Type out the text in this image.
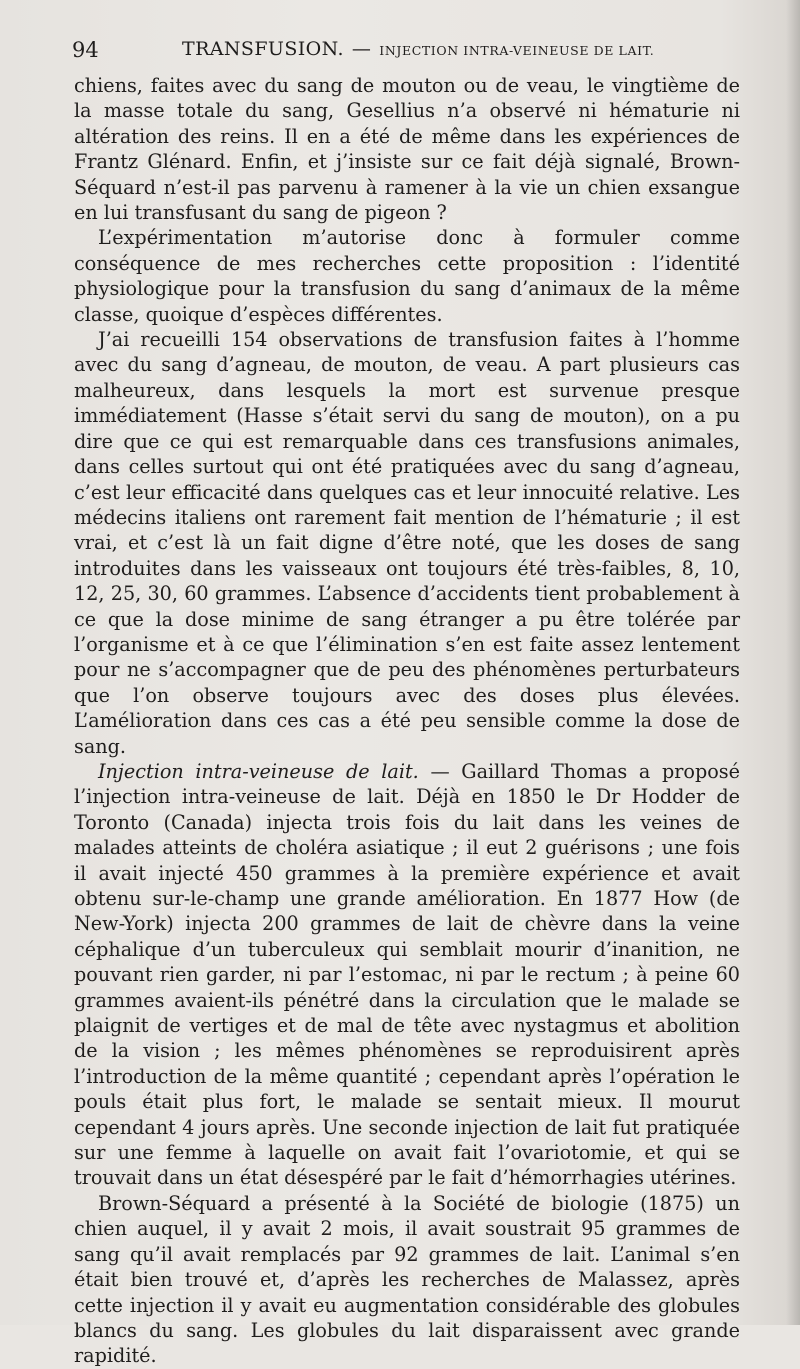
94	TRANSFUSION. — INJECTION INTRA-VEINEUSE DE LAIT.

chiens, faites avec du sang de mouton ou de veau, le vingtième de la masse totale du sang, Gesellius n’a observé ni hématurie ni altération des reins. Il en a été de même dans les expériences de Frantz Glénard. Enfin, et j’insiste sur ce fait déjà signalé, Brown-Séquard n’est-il pas parvenu à ramener à la vie un chien exsangue en lui transfusant du sang de pigeon ?

L’expérimentation m’autorise donc à formuler comme conséquence de mes recherches cette proposition : l’identité physiologique pour la transfusion du sang d’animaux de la même classe, quoique d’espèces différentes.

J’ai recueilli 154 observations de transfusion faites à l’homme avec du sang d’agneau, de mouton, de veau. A part plusieurs cas malheureux, dans lesquels la mort est survenue presque immédiatement (Hasse s’était servi du sang de mouton), on a pu dire que ce qui est remarquable dans ces transfusions animales, dans celles surtout qui ont été pratiquées avec du sang d’agneau, c’est leur efficacité dans quelques cas et leur innocuité relative. Les médecins italiens ont rarement fait mention de l’hématurie ; il est vrai, et c’est là un fait digne d’être noté, que les doses de sang introduites dans les vaisseaux ont toujours été très-faibles, 8, 10, 12, 25, 30, 60 grammes. L’absence d’accidents tient probablement à ce que la dose minime de sang étranger a pu être tolérée par l’organisme et à ce que l’élimination s’en est faite assez lentement pour ne s’accompagner que de peu des phénomènes perturbateurs que l’on observe toujours avec des doses plus élevées. L’amélioration dans ces cas a été peu sensible comme la dose de sang.

Injection intra-veineuse de lait. — Gaillard Thomas a proposé l’injection intra-veineuse de lait. Déjà en 1850 le Dr Hodder de Toronto (Canada) injecta trois fois du lait dans les veines de malades atteints de choléra asiatique ; il eut 2 guérisons ; une fois il avait injecté 450 grammes à la première expérience et avait obtenu sur-le-champ une grande amélioration. En 1877 How (de New-York) injecta 200 grammes de lait de chèvre dans la veine céphalique d’un tuberculeux qui semblait mourir d’inanition, ne pouvant rien garder, ni par l’estomac, ni par le rectum ; à peine 60 grammes avaient-ils pénétré dans la circulation que le malade se plaignit de vertiges et de mal de tête avec nystagmus et abolition de la vision ; les mêmes phénomènes se reproduisirent après l’introduction de la même quantité ; cependant après l’opération le pouls était plus fort, le malade se sentait mieux. Il mourut cependant 4 jours après. Une seconde injection de lait fut pratiquée sur une femme à laquelle on avait fait l’ovariotomie, et qui se trouvait dans un état désespéré par le fait d’hémorrhagies utérines.

Brown-Séquard a présenté à la Société de biologie (1875) un chien auquel, il y avait 2 mois, il avait soustrait 95 grammes de sang qu’il avait remplacés par 92 grammes de lait. L’animal s’en était bien trouvé et, d’après les recherches de Malassez, après cette injection il y avait eu augmentation considérable des globules blancs du sang. Les globules du lait disparaissent avec grande rapidité.
